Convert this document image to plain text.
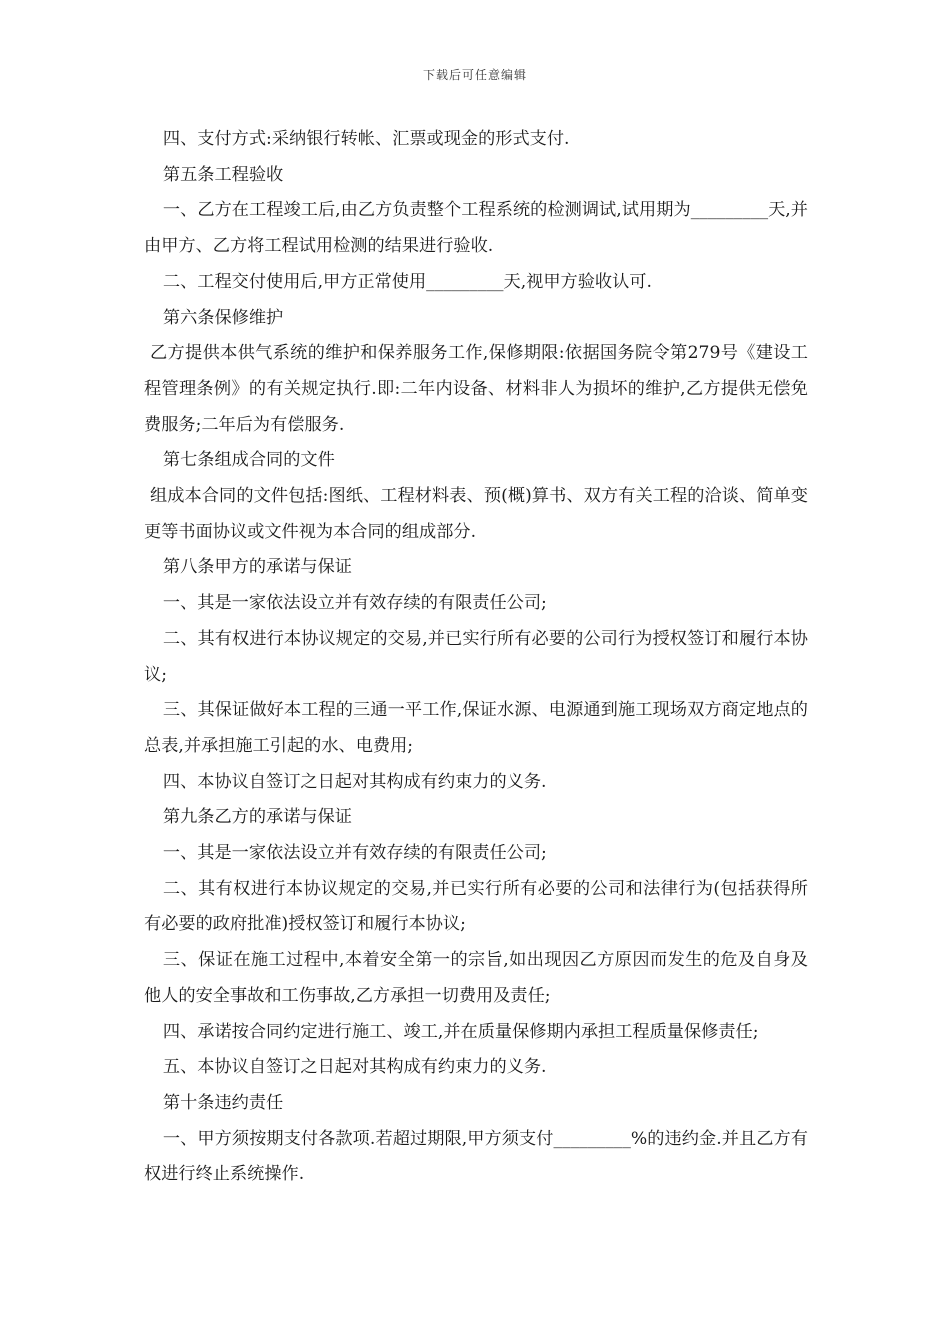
下载后可任意编辑

四、支付方式:采纳银行转帐、汇票或现金的形式支付.

第五条工程验收

一、乙方在工程竣工后,由乙方负责整个工程系统的检测调试,试用期为_________天,并由甲方、乙方将工程试用检测的结果进行验收.

二、工程交付使用后,甲方正常使用_________天,视甲方验收认可.

第六条保修维护

乙方提供本供气系统的维护和保养服务工作,保修期限:依据国务院令第279号《建设工程管理条例》的有关规定执行.即:二年内设备、材料非人为损坏的维护,乙方提供无偿免费服务;二年后为有偿服务.

第七条组成合同的文件

组成本合同的文件包括:图纸、工程材料表、预(概)算书、双方有关工程的洽谈、简单变更等书面协议或文件视为本合同的组成部分.

第八条甲方的承诺与保证

一、其是一家依法设立并有效存续的有限责任公司;

二、其有权进行本协议规定的交易,并已实行所有必要的公司行为授权签订和履行本协议;

三、其保证做好本工程的三通一平工作,保证水源、电源通到施工现场双方商定地点的总表,并承担施工引起的水、电费用;

四、本协议自签订之日起对其构成有约束力的义务.

第九条乙方的承诺与保证

一、其是一家依法设立并有效存续的有限责任公司;

二、其有权进行本协议规定的交易,并已实行所有必要的公司和法律行为(包括获得所有必要的政府批准)授权签订和履行本协议;

三、保证在施工过程中,本着安全第一的宗旨,如出现因乙方原因而发生的危及自身及他人的安全事故和工伤事故,乙方承担一切费用及责任;

四、承诺按合同约定进行施工、竣工,并在质量保修期内承担工程质量保修责任;

五、本协议自签订之日起对其构成有约束力的义务.

第十条违约责任

一、甲方须按期支付各款项.若超过期限,甲方须支付_________%的违约金.并且乙方有权进行终止系统操作.
